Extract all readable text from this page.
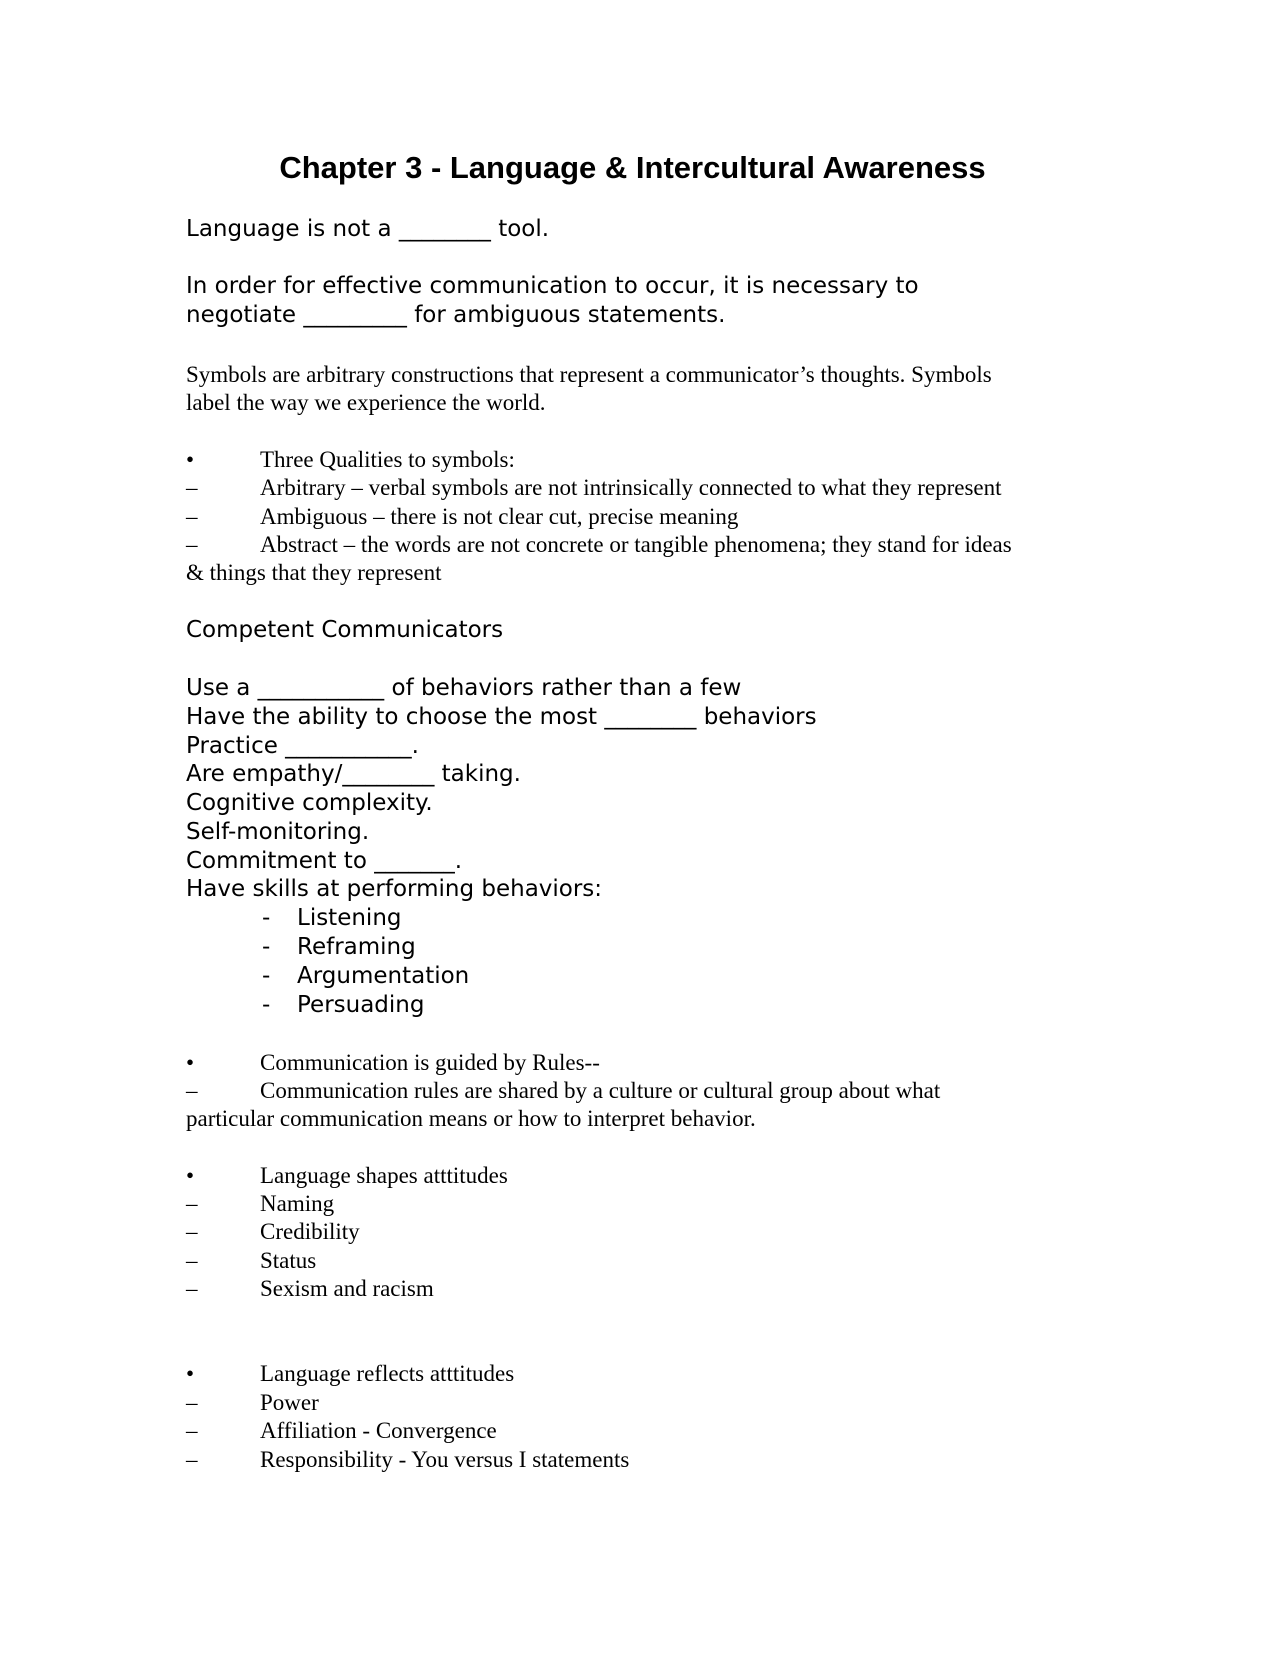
Chapter 3 - Language & Intercultural Awareness
Language is not a ________ tool.
In order for effective communication to occur, it is necessary to
negotiate _________ for ambiguous statements.
Symbols are arbitrary constructions that represent a communicator’s thoughts. Symbols
label the way we experience the world.
•	Three Qualities to symbols:
–	Arbitrary – verbal symbols are not intrinsically connected to what they represent
–	Ambiguous – there is not clear cut, precise meaning
–	Abstract – the words are not concrete or tangible phenomena; they stand for ideas
& things that they represent
Competent Communicators
Use a ___________ of behaviors rather than a few
Have the ability to choose the most ________ behaviors
Practice ___________.
Are empathy/________ taking.
Cognitive complexity.
Self-monitoring.
Commitment to _______.
Have skills at performing behaviors:
- Listening
- Reframing
- Argumentation
- Persuading
•	Communication is guided by Rules--
–	Communication rules are shared by a culture or cultural group about what
particular communication means or how to interpret behavior.
•	Language shapes atttitudes
–	Naming
–	Credibility
–	Status
–	Sexism and racism
•	Language reflects atttitudes
–	Power
–	Affiliation - Convergence
–	Responsibility - You versus I statements
